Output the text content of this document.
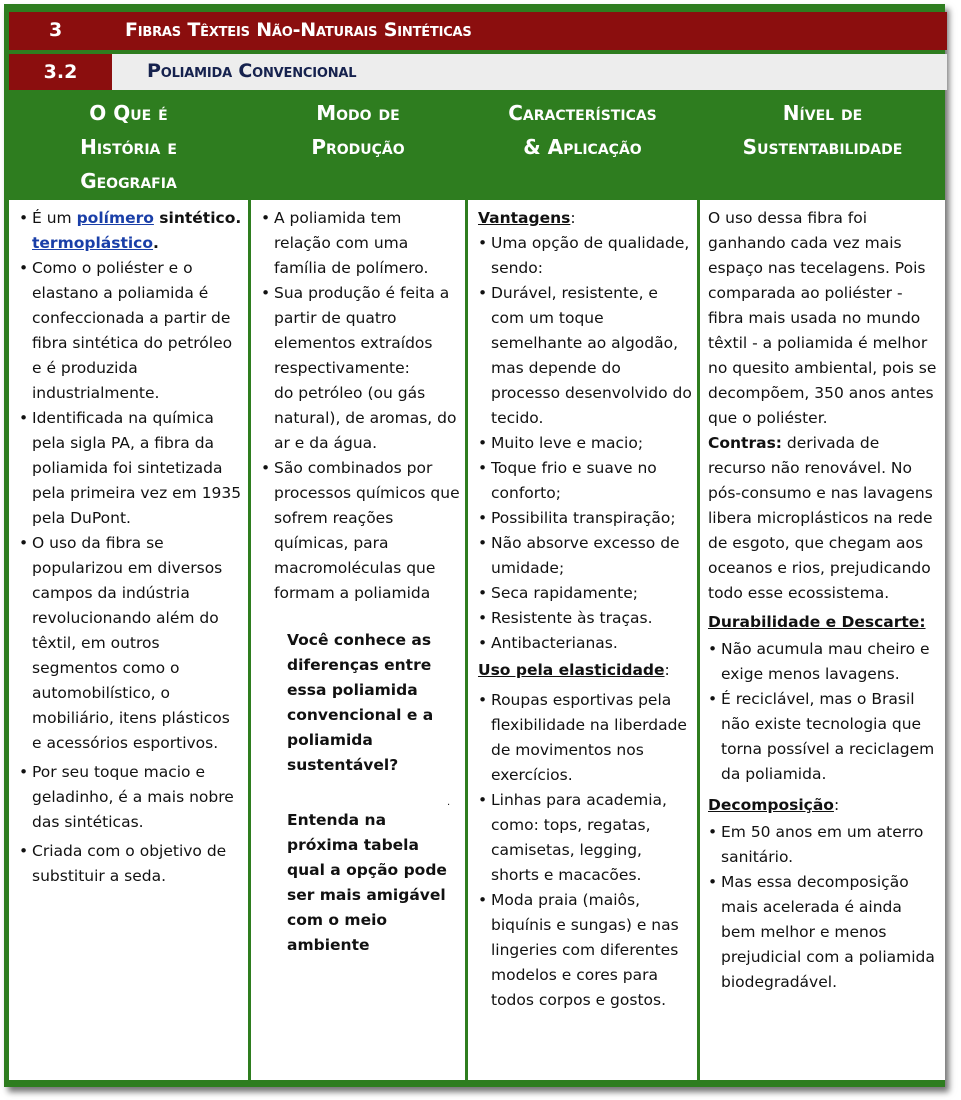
3	Fibras Têxteis Não-Naturais Sintéticas
3.2	Poliamida Convencional
O Que é
História e
Geografia
Modo de
Produção
Características
& Aplicação
Nível de
Sustentabilidade
• É um polímero sintético.
termoplástico.
• Como o poliéster e o elastano a poliamida é confeccionada a partir de fibra sintética do petróleo e é produzida industrialmente.
• Identificada na química pela sigla PA, a fibra da poliamida foi sintetizada pela primeira vez em 1935 pela DuPont.
• O uso da fibra se popularizou em diversos campos da indústria revolucionando além do têxtil, em outros segmentos como o automobilístico, o mobiliário, itens plásticos e acessórios esportivos.
• Por seu toque macio e geladinho, é a mais nobre das sintéticas.
• Criada com o objetivo de substituir a seda.
• A poliamida tem relação com uma família de polímero.
• Sua produção é feita a partir de quatro elementos extraídos respectivamente:
do petróleo (ou gás natural), de aromas, do ar e da água.
• São combinados por processos químicos que sofrem reações químicas, para macromoléculas que formam a poliamida
.
Você conhece as diferenças entre essa poliamida convencional e a poliamida sustentável?
Entenda na próxima tabela qual a opção pode ser mais amigável com o meio ambiente
Vantagens:
• Uma opção de qualidade, sendo:
• Durável, resistente, e com um toque semelhante ao algodão, mas depende do processo desenvolvido do tecido.
• Muito leve e macio;
• Toque frio e suave no conforto;
• Possibilita transpiração;
• Não absorve excesso de umidade;
• Seca rapidamente;
• Resistente às traças.
• Antibacterianas.
Uso pela elasticidade:
• Roupas esportivas pela flexibilidade na liberdade de movimentos nos exercícios.
• Linhas para academia, como: tops, regatas, camisetas, legging, shorts e macacões.
• Moda praia (maiôs, biquínis e sungas) e nas lingeries com diferentes modelos e cores para todos corpos e gostos.
O uso dessa fibra foi ganhando cada vez mais espaço nas tecelagens. Pois comparada ao poliéster - fibra mais usada no mundo têxtil - a poliamida é melhor no quesito ambiental, pois se decompõem, 350 anos antes que o poliéster.
Contras: derivada de recurso não renovável. No pós-consumo e nas lavagens libera microplásticos na rede de esgoto, que chegam aos oceanos e rios, prejudicando todo esse ecossistema.
Durabilidade e Descarte:
• Não acumula mau cheiro e exige menos lavagens.
• É reciclável, mas o Brasil não existe tecnologia que torna possível a reciclagem da poliamida.
Decomposição:
• Em 50 anos em um aterro sanitário.
• Mas essa decomposição mais acelerada é ainda bem melhor e menos prejudicial com a poliamida biodegradável.
